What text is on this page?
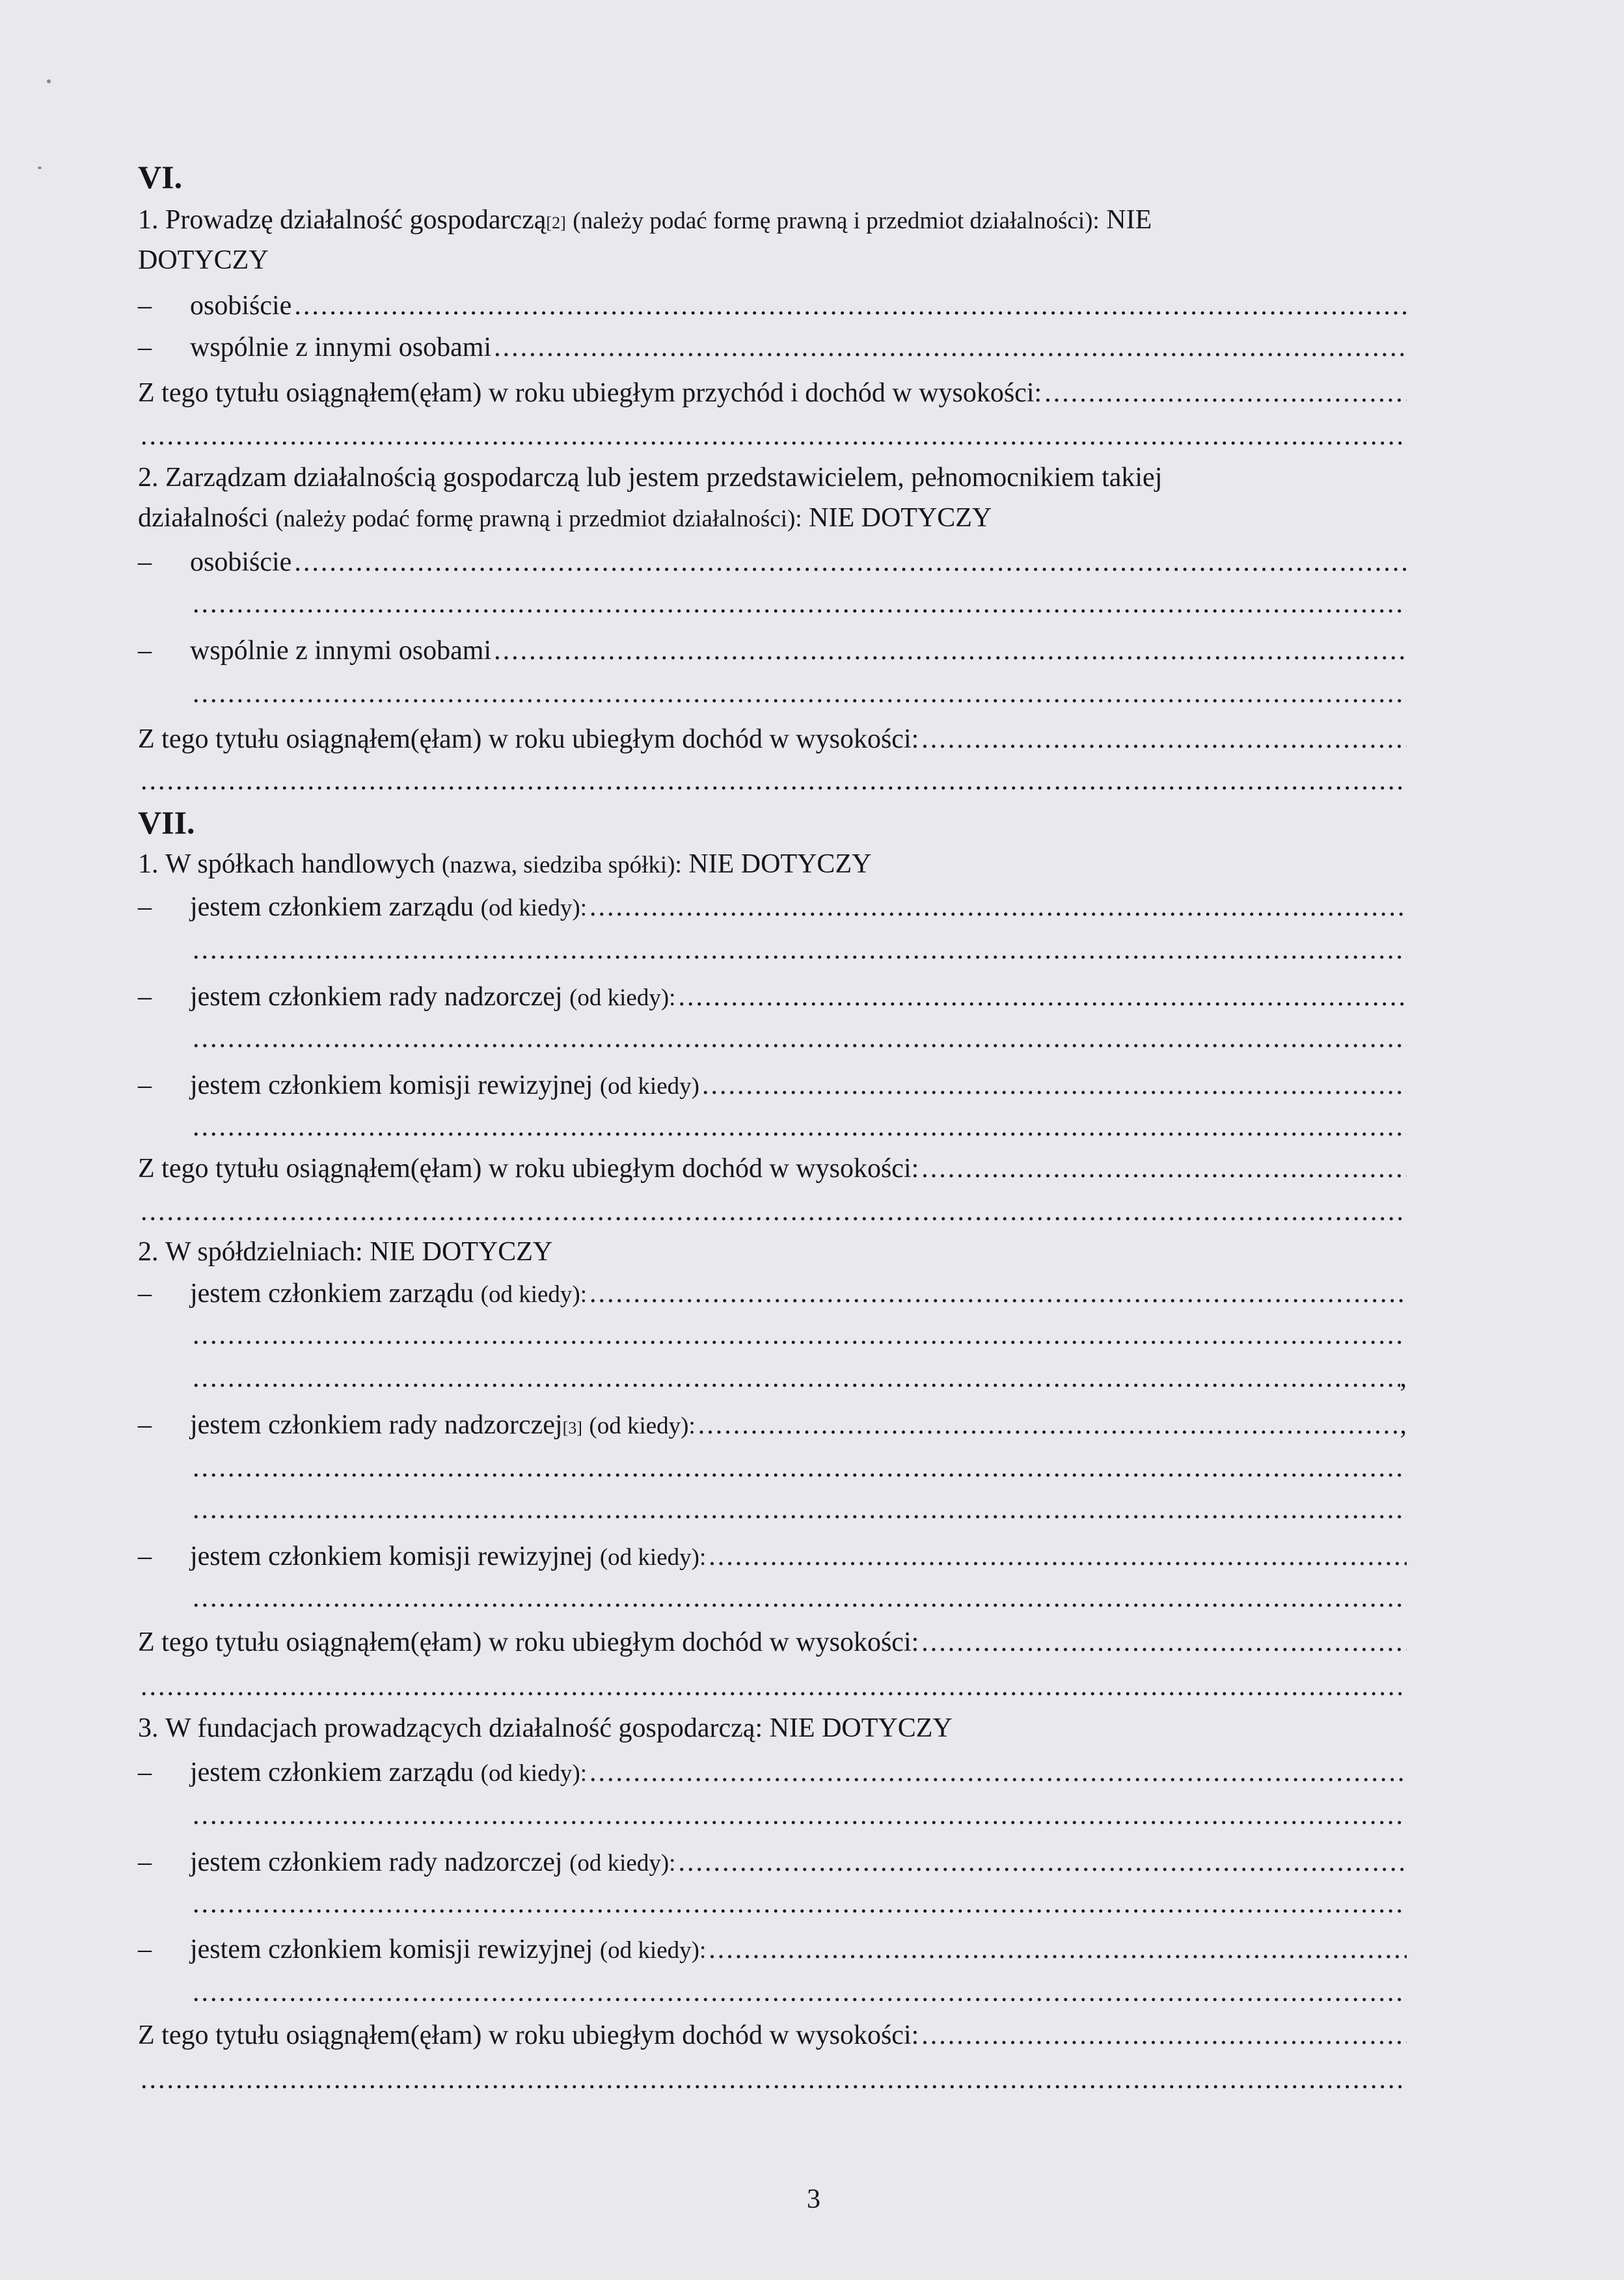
VI.
1.
Prowadzę działalność gospodarczą [2]
(należy podać formę prawną i przedmiot działalności):
NIE
DOTYCZY
–	osobiście
.....
–	wspólnie z innymi osobami
.....
Z tego tytułu osiągnąłem(ęłam) w roku ubiegłym przychód i dochód w wysokości:
.....
.....
2.
Zarządzam działalnością gospodarczą lub jestem przedstawicielem, pełnomocnikiem takiej
działalności
(należy podać formę prawną i przedmiot działalności):
NIE DOTYCZY
–	osobiście
.....
.....
–	wspólnie z innymi osobami
.....
.....
Z tego tytułu osiągnąłem(ęłam) w roku ubiegłym dochód w wysokości:
.....
.....
VII.
1.
W spółkach handlowych
(nazwa, siedziba spółki):
NIE DOTYCZY
–	jestem członkiem zarządu
(od kiedy):
.....
.....
–	jestem członkiem rady nadzorczej
(od kiedy):
.....
.....
–	jestem członkiem komisji rewizyjnej
(od kiedy)
.....
.....
Z tego tytułu osiągnąłem(ęłam) w roku ubiegłym dochód w wysokości:
.....
.....
2.
W spółdzielniach: NIE DOTYCZY
–	jestem członkiem zarządu
(od kiedy):
.....
.....
.....
,
–	jestem członkiem rady nadzorczej [3]
(od kiedy):
.....	,
.....
.....
–	jestem członkiem komisji rewizyjnej
(od kiedy):
.....
.....
Z tego tytułu osiągnąłem(ęłam) w roku ubiegłym dochód w wysokości:
.....
.....
3.
W fundacjach prowadzących działalność gospodarczą: NIE DOTYCZY
–	jestem członkiem zarządu
(od kiedy):
.....
.....
–	jestem członkiem rady nadzorczej
(od kiedy):
.....
.....
–	jestem członkiem komisji rewizyjnej
(od kiedy):
.....
.....
Z tego tytułu osiągnąłem(ęłam) w roku ubiegłym dochód w wysokości:
.....
.....
3
